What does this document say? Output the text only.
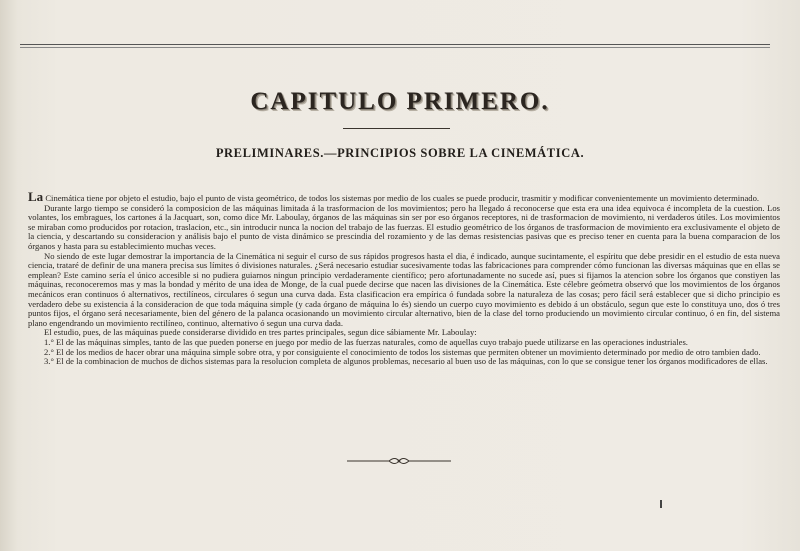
CAPITULO PRIMERO.
PRELIMINARES.—PRINCIPIOS SOBRE LA CINEMÁTICA.

La Cinemática tiene por objeto el estudio, bajo el punto de vista geométrico, de todos los sistemas por medio de los cuales se puede producir, trasmitir y modificar convenientemente un movimiento determinado.

Durante largo tiempo se consideró la composicion de las máquinas limitada á la trasformacion de los movimientos; pero ha llegado á reconocerse que esta era una idea equivoca é incompleta de la cuestion. Los volantes, los embragues, los cartones á la Jacquart, son, como dice Mr. Laboulay, órganos de las máquinas sin ser por eso órganos receptores, ni de trasformacion de movimiento, ni verdaderos útiles. Los movimientos se miraban como producidos por rotacion, traslacion, etc., sin introducir nunca la nocion del trabajo de las fuerzas. El estudio geométrico de los órganos de trasformacion de movimiento era exclusivamente el objeto de la ciencia, y descartando su consideracion y análisis bajo el punto de vista dinámico se prescindia del rozamiento y de las demas resistencias pasivas que es preciso tener en cuenta para la buena comparacion de los órganos y hasta para su establecimiento muchas veces.

No siendo de este lugar demostrar la importancia de la Cinemática ni seguir el curso de sus rápidos progresos hasta el dia, é indicado, aunque sucintamente, el espíritu que debe presidir en el estudio de esta nueva ciencia, trataré de definir de una manera precisa sus límites ó divisiones naturales. ¿Será necesario estudiar sucesivamente todas las fabricaciones para comprender cómo funcionan las diversas máquinas que en ellas se emplean? Este camino sería el único accesible si no pudiera guiarnos ningun principio verdaderamente científico; pero afortunadamente no sucede así, pues si fijamos la atencion sobre los órganos que constiyen las máquinas, reconoceremos mas y mas la bondad y mérito de una idea de Monge, de la cual puede decirse que nacen las divisiones de la Cinemática. Este célebre geómetra observó que los movimientos de los órganos mecánicos eran continuos ó alternativos, rectilíneos, circulares ó segun una curva dada. Esta clasificacion era empírica ó fundada sobre la naturaleza de las cosas; pero fácil será establecer que si dicho principio es verdadero debe su existencia á la consideracion de que toda máquina simple (y cada órgano de máquina lo és) siendo un cuerpo cuyo movimiento es debido á un obstáculo, segun que este lo constituya uno, dos ó tres puntos fijos, el órgano será necesariamente, bien del género de la palanca ocasionando un movimiento circular alternativo, bien de la clase del torno produciendo un movimiento circular continuo, ó en fin, del sistema plano engendrando un movimiento rectilíneo, continuo, alternativo ó segun una curva dada.

El estudio, pues, de las máquinas puede considerarse dividido en tres partes principales, segun dice sábiamente Mr. Laboulay:

1.° El de las máquinas simples, tanto de las que pueden ponerse en juego por medio de las fuerzas naturales, como de aquellas cuyo trabajo puede utilizarse en las operaciones industriales.

2.° El de los medios de hacer obrar una máquina simple sobre otra, y por consiguiente el conocimiento de todos los sistemas que permiten obtener un movimiento determinado por medio de otro tambien dado.

3.° El de la combinacion de muchos de dichos sistemas para la resolucion completa de algunos problemas, necesario al buen uso de las máquinas, con lo que se consigue tener los órganos modificadores de ellas.
